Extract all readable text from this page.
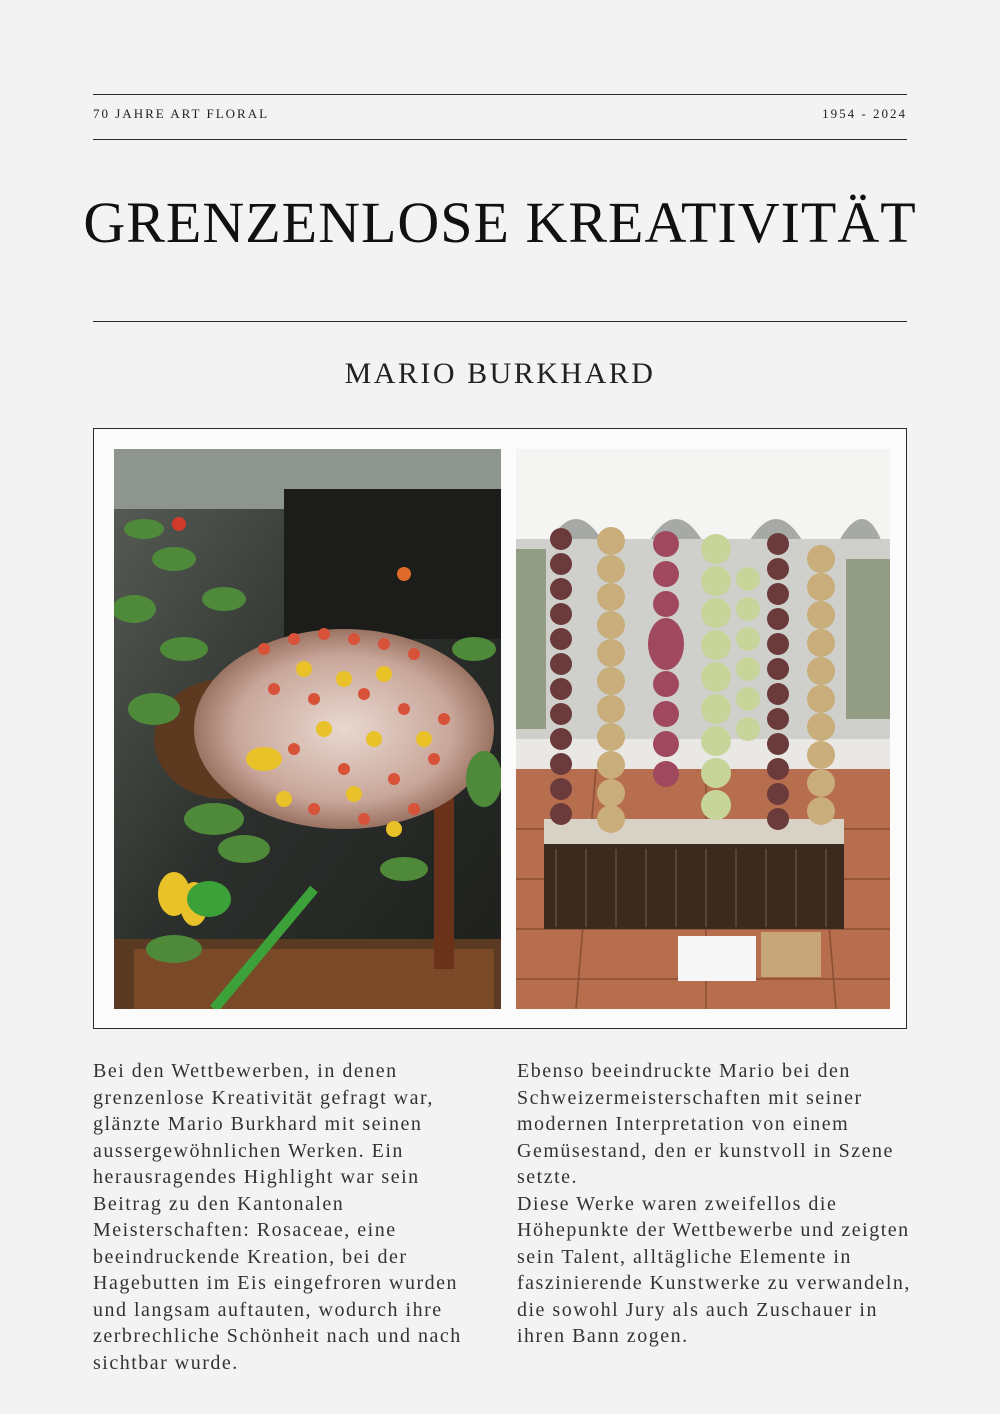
70 JAHRE ART FLORAL	1954 - 2024
GRENZENLOSE KREATIVITÄT
MARIO BURKHARD

Bei den Wettbewerben, in denen grenzenlose Kreativität gefragt war, glänzte Mario Burkhard mit seinen aussergewöhnlichen Werken. Ein herausragendes Highlight war sein Beitrag zu den Kantonalen Meisterschaften: Rosaceae, eine beeindruckende Kreation, bei der Hagebutten im Eis eingefroren wurden und langsam auftauten, wodurch ihre zerbrechliche Schönheit nach und nach sichtbar wurde.

Ebenso beeindruckte Mario bei den Schweizermeisterschaften mit seiner modernen Interpretation von einem Gemüsestand, den er kunstvoll in Szene setzte.

Diese Werke waren zweifellos die Höhepunkte der Wettbewerbe und zeigten sein Talent, alltägliche Elemente in faszinierende Kunstwerke zu verwandeln, die sowohl Jury als auch Zuschauer in ihren Bann zogen.
